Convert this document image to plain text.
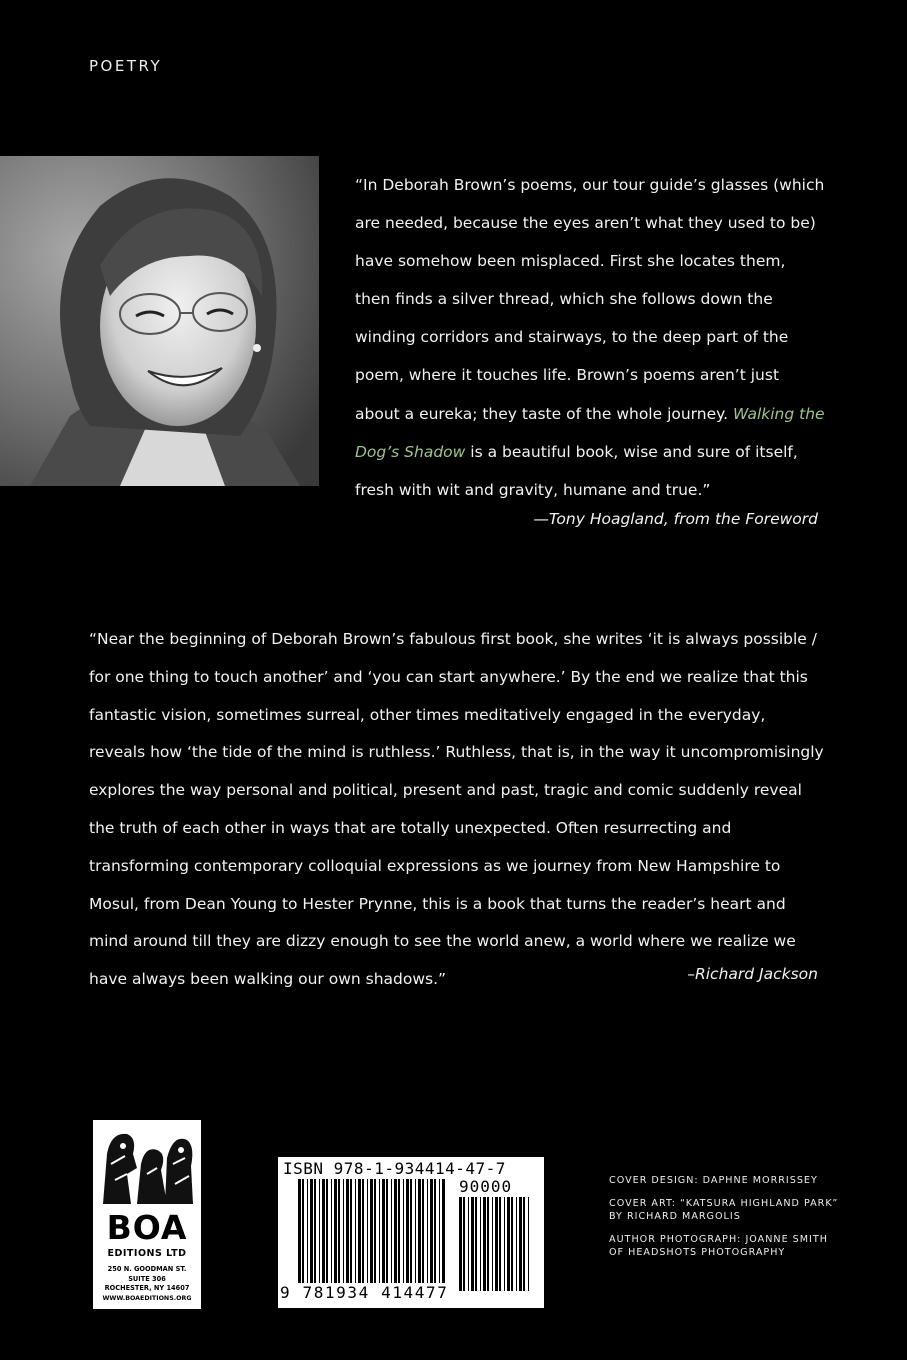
POETRY
“In Deborah Brown’s poems, our tour guide’s glasses (which are needed, because the eyes aren’t what they used to be) have somehow been misplaced. First she locates them, then finds a silver thread, which she follows down the winding corridors and stairways, to the deep part of the poem, where it touches life. Brown’s poems aren’t just about a eureka; they taste of the whole journey. Walking the Dog’s Shadow is a beautiful book, wise and sure of itself, fresh with wit and gravity, humane and true.”
—Tony Hoagland, from the Foreword
“Near the beginning of Deborah Brown’s fabulous first book, she writes ‘it is always possible / for one thing to touch another’ and ‘you can start anywhere.’ By the end we realize that this fantastic vision, sometimes surreal, other times meditatively engaged in the everyday, reveals how ‘the tide of the mind is ruthless.’ Ruthless, that is, in the way it uncompromisingly explores the way personal and political, present and past, tragic and comic suddenly reveal the truth of each other in ways that are totally unexpected. Often resurrecting and transforming contemporary colloquial expressions as we journey from New Hampshire to Mosul, from Dean Young to Hester Prynne, this is a book that turns the reader’s heart and mind around till they are dizzy enough to see the world anew, a world where we realize we have always been walking our own shadows.”	–Richard Jackson
BOA
EDITIONS LTD
250 N. GOODMAN ST.
SUITE 306
ROCHESTER, NY 14607
WWW.BOAEDITIONS.ORG
ISBN 978-1-934414-47-7
90000
9 781934 414477

COVER DESIGN: DAPHNE MORRISSEY

COVER ART: “KATSURA HIGHLAND PARK”
BY RICHARD MARGOLIS

AUTHOR PHOTOGRAPH: JOANNE SMITH
OF HEADSHOTS PHOTOGRAPHY
